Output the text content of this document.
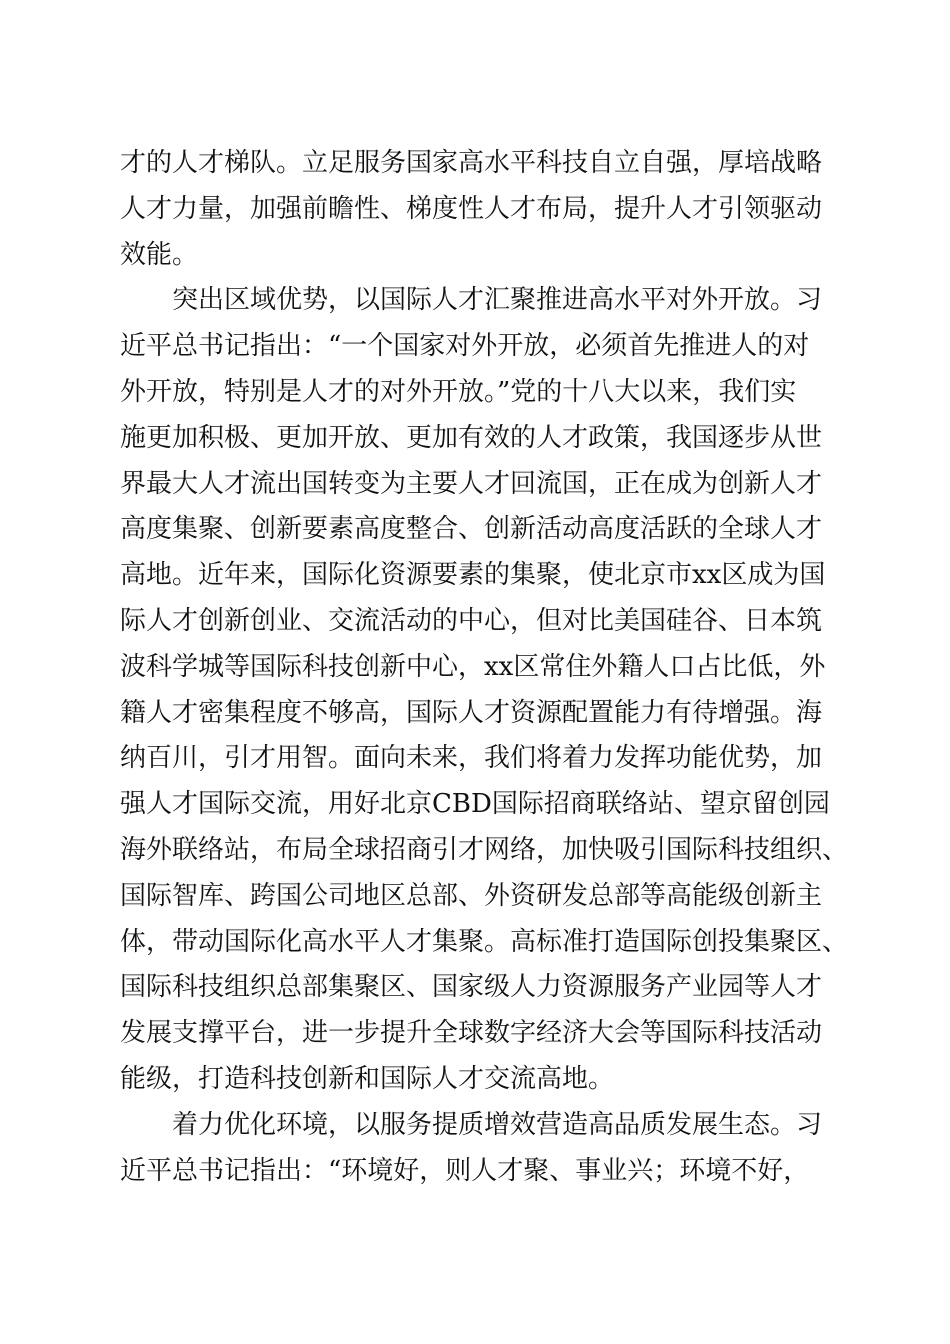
才的人才梯队。立足服务国家高水平科技自立自强，厚培战略
人才力量，加强前瞻性、梯度性人才布局，提升人才引领驱动
效能。
突出区域优势，以国际人才汇聚推进高水平对外开放。习
近平总书记指出：“一个国家对外开放，必须首先推进人的对
外开放，特别是人才的对外开放。”党的十八大以来，我们实
施更加积极、更加开放、更加有效的人才政策，我国逐步从世
界最大人才流出国转变为主要人才回流国，正在成为创新人才
高度集聚、创新要素高度整合、创新活动高度活跃的全球人才
高地。近年来，国际化资源要素的集聚，使北京市xx区成为国
际人才创新创业、交流活动的中心，但对比美国硅谷、日本筑
波科学城等国际科技创新中心，xx区常住外籍人口占比低，外
籍人才密集程度不够高，国际人才资源配置能力有待增强。海
纳百川，引才用智。面向未来，我们将着力发挥功能优势，加
强人才国际交流，用好北京CBD国际招商联络站、望京留创园
海外联络站，布局全球招商引才网络，加快吸引国际科技组织、
国际智库、跨国公司地区总部、外资研发总部等高能级创新主
体，带动国际化高水平人才集聚。高标准打造国际创投集聚区、
国际科技组织总部集聚区、国家级人力资源服务产业园等人才
发展支撑平台，进一步提升全球数字经济大会等国际科技活动
能级，打造科技创新和国际人才交流高地。
着力优化环境，以服务提质增效营造高品质发展生态。习
近平总书记指出：“环境好，则人才聚、事业兴；环境不好，
